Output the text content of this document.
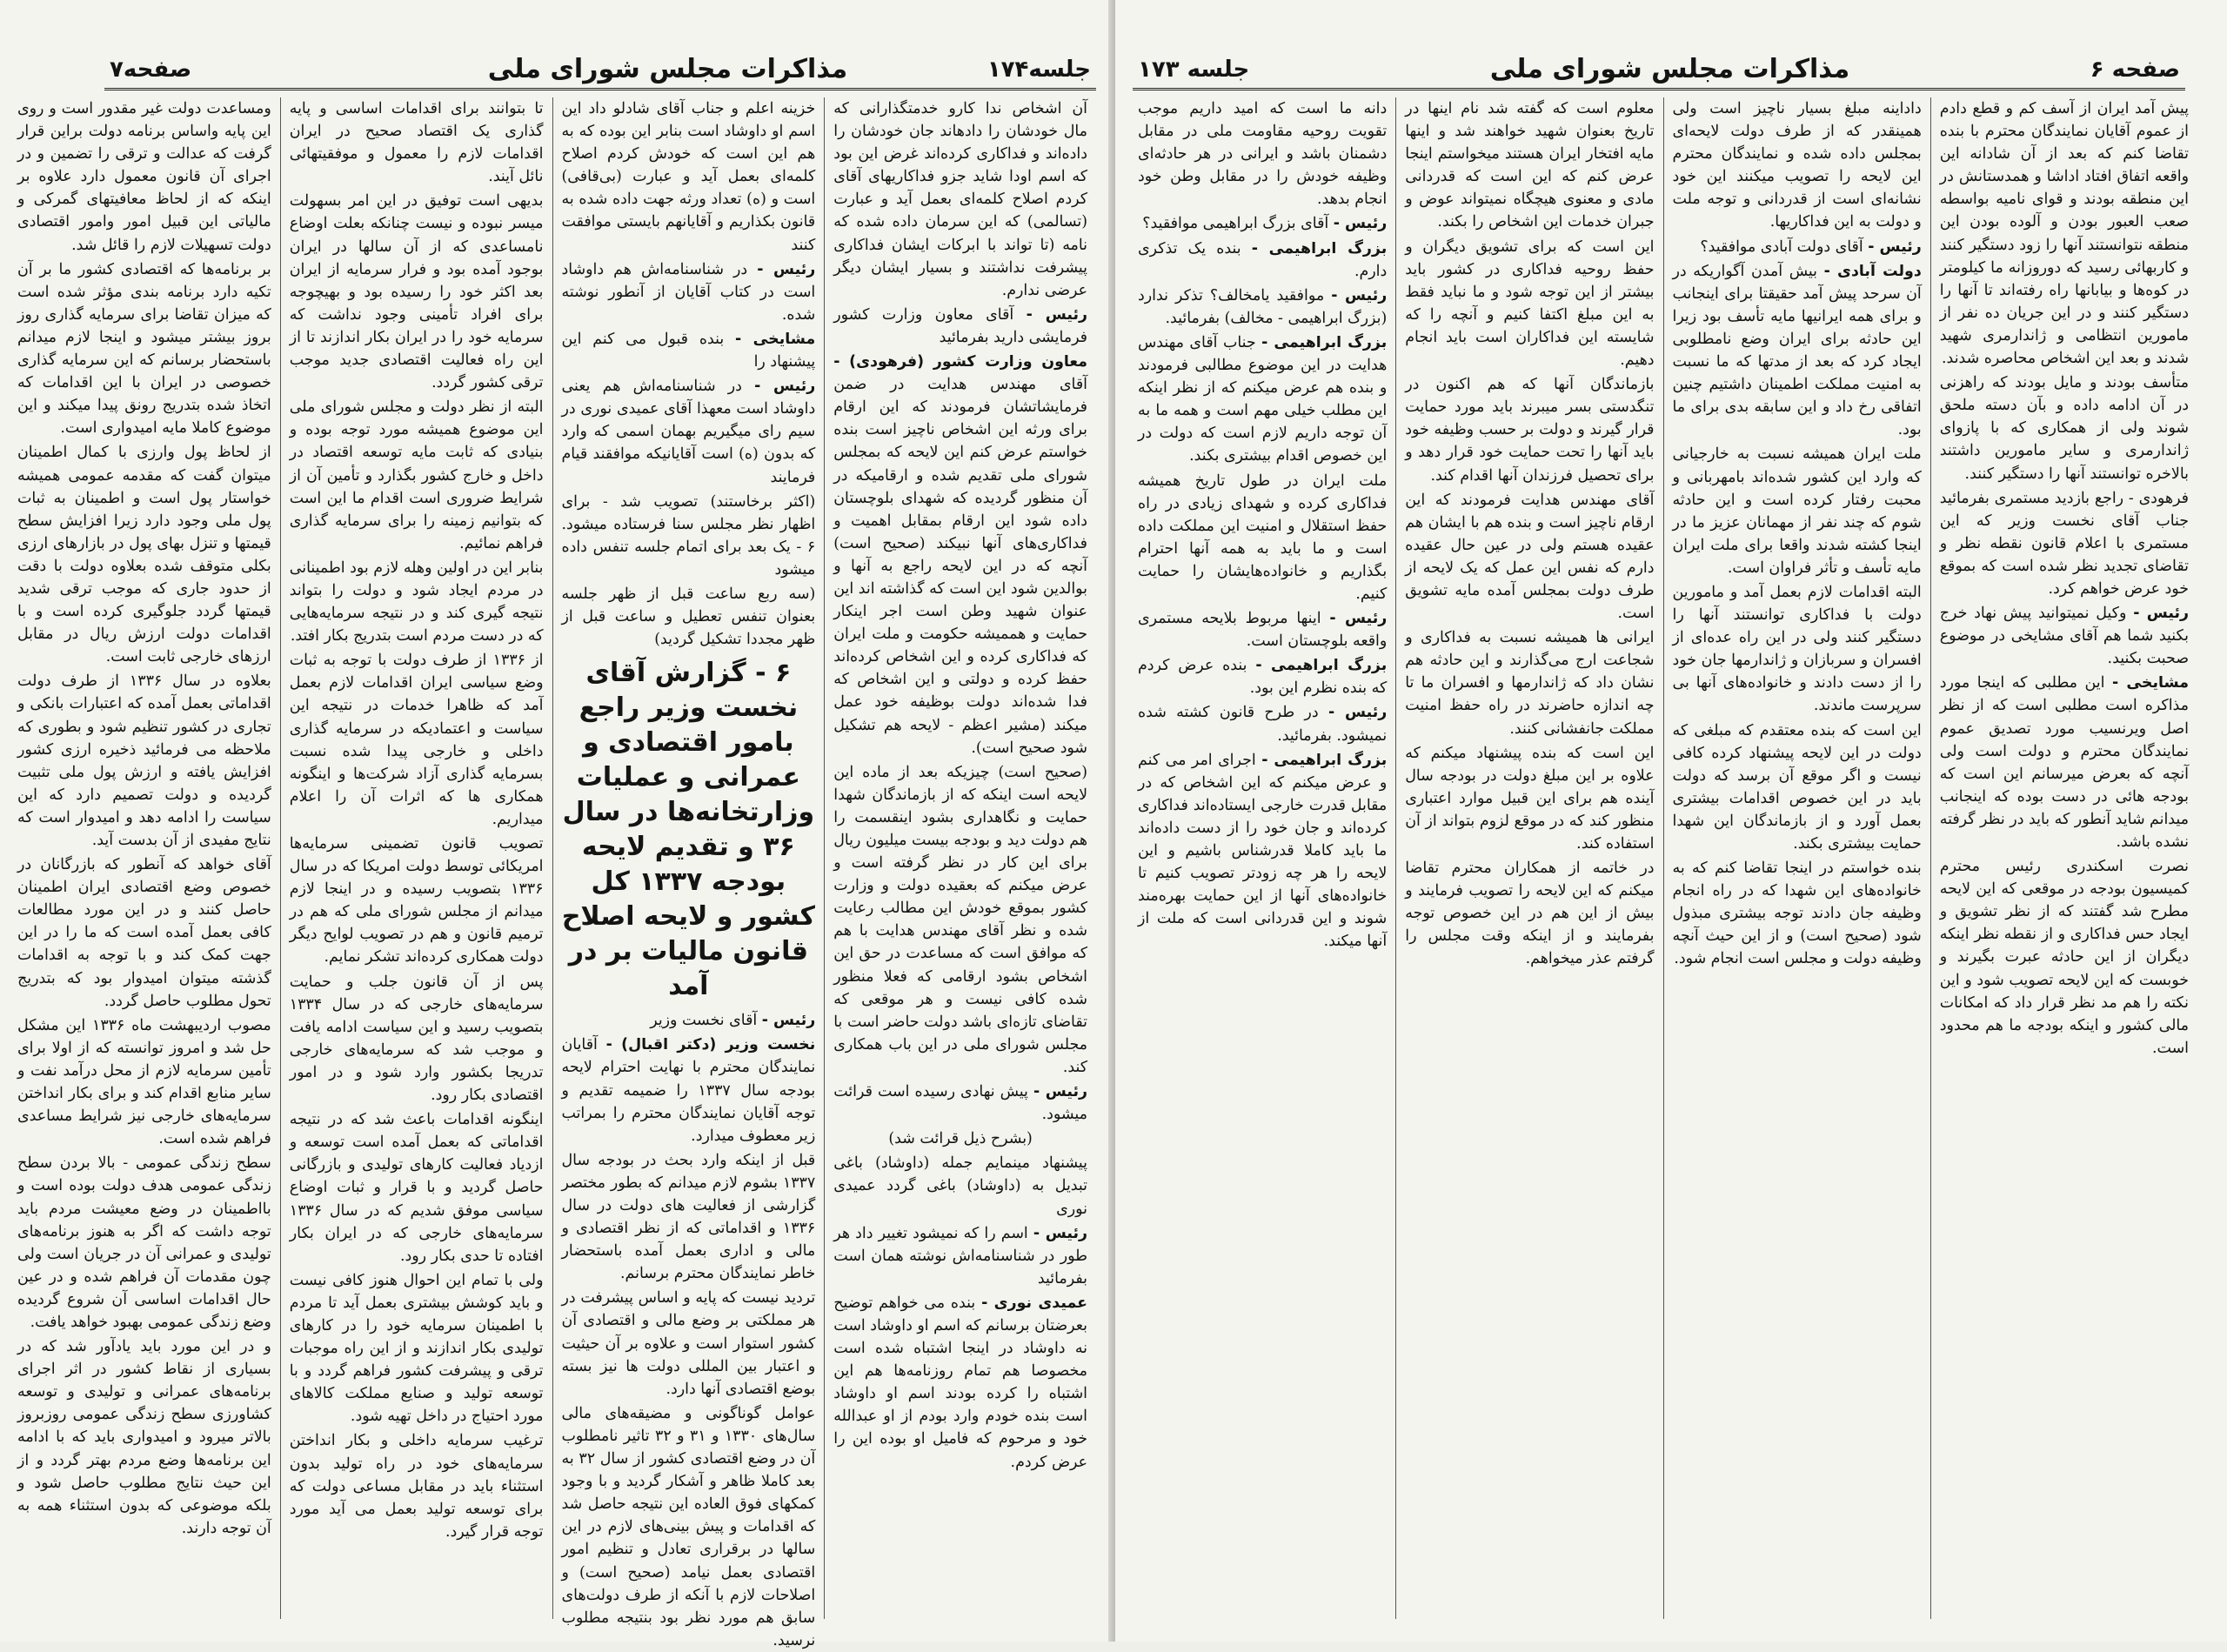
جلسه۱۷۴
مذاکرات مجلس شورای ملی
صفحه۷

آن اشخاص ندا کارو خدمتگذارانی که مال خودشان را دادهاند جان خودشان را داده‌اند و فداکاری کرده‌اند غرض این بود که اسم اودا شاید جزو فداکاریهای آقای کردم اصلاح کلمه‌ای بعمل آید و عبارت (تسالمی) که این سرمان داده شده که نامه (تا تواند با ابرکات ایشان فداکاری پیشرفت نداشتند و بسیار ایشان دیگر عرضی ندارم.

رئیس - آقای معاون وزارت کشور فرمایشی دارید بفرمائید

معاون وزارت کشور (فرهودی) - آقای مهندس هدایت در ضمن فرمایشاتشان فرمودند که این ارقام برای ورثه این اشخاص ناچیز است بنده خواستم عرض کنم این لایحه که بمجلس شورای ملی تقدیم شده و ارقامیکه در آن منظور گردیده که شهدای بلوچستان داده شود این ارقام بمقابل اهمیت و فداکاری‌های آنها نبیکند (صحیح است) آنچه که در این لایحه راجع به آنها و بوالدین شود این است که گذاشته اند این عنوان شهید وطن است اجر اینکار حمایت و هممیشه حکومت و ملت ایران که فداکاری کرده و این اشخاص کرده‌اند حفظ کرده و دولتی و این اشخاص که فدا شده‌اند دولت بوظیفه خود عمل میکند (مشیر اعظم - لایحه هم تشکیل شود صحیح است).

(صحیح است) چیزیکه بعد از ماده این لایحه است اینکه که از بازماندگان شهدا حمایت و نگاهداری بشود اینقسمت را هم دولت دید و بودجه بیست میلیون ریال برای این کار در نظر گرفته است و عرض میکنم که بعقیده دولت و وزارت کشور بموقع خودش این مطالب رعایت شده و نظر آقای مهندس هدایت با هم که موافق است که مساعدت در حق این اشخاص بشود ارقامی که فعلا منظور شده کافی نیست و هر موقعی که تقاضای تازه‌ای باشد دولت حاضر است با مجلس شورای ملی در این باب همکاری کند.

رئیس - پیش نهادی رسیده است قرائت میشود.

(بشرح ذیل قرائت شد)

پیشنهاد مینمایم جمله (داوشاد) باغی تبدیل به (داوشاد) باغی گردد عمیدی نوری

رئیس - اسم را که نمیشود تغییر داد هر طور در شناسنامه‌اش نوشته همان است بفرمائید

عمیدی نوری - بنده می خواهم توضیح بعرضتان برسانم که اسم او داوشاد است نه داوشاد در اینجا اشتباه شده است مخصوصا هم تمام روزنامه‌ها هم این اشتباه را کرده بودند اسم او داوشاد است بنده خودم وارد بودم از او عبدالله خود و مرحوم که فامیل او بوده این را عرض کردم.

خزینه اعلم و جناب آقای شادلو داد این اسم او داوشاد است بنابر این بوده که به هم این است که خودش کردم اصلاح کلمه‌ای بعمل آید و عبارت (بی‌قافی) است و (ه) تعداد ورثه جهت داده شده به قانون بکذاریم و آقایانهم بایستی موافقت کنند

رئیس - در شناسنامه‌اش هم داوشاد است در کتاب آقایان از آنطور نوشته شده.

مشایخی - بنده قبول می کنم این پیشنهاد را

رئیس - در شناسنامه‌اش هم یعنی داوشاد است معهذا آقای عمیدی نوری در سیم رای میگیریم بهمان اسمی که وارد که بدون (ه) است آقایانیکه موافقند قیام فرمایند

(اکثر برخاستند) تصویب شد - برای اظهار نظر مجلس سنا فرستاده میشود. ۶ - یک بعد برای اتمام جلسه تنفس داده میشود

(سه ربع ساعت قبل از ظهر جلسه بعنوان تنفس تعطیل و ساعت قبل از ظهر مجددا تشکیل گردید)

۶ - گزارش آقای نخست وزیر راجع بامور اقتصادی و عمرانی و عملیات وزارتخانه‌ها در سال ۳۶ و تقدیم لایحه بودجه ۱۳۳۷ کل کشور و لایحه اصلاح قانون مالیات بر در آمد

رئیس - آقای نخست وزیر

نخست وزیر (دکتر اقبال) - آقایان نمایندگان محترم با نهایت احترام لایحه بودجه سال ۱۳۳۷ را ضمیمه تقدیم و توجه آقایان نمایندگان محترم را بمراتب زیر معطوف میدارد.

قبل از اینکه وارد بحث در بودجه سال ۱۳۳۷ بشوم لازم میدانم که بطور مختصر گزارشی از فعالیت های دولت در سال ۱۳۳۶ و اقداماتی که از نظر اقتصادی و مالی و اداری بعمل آمده باستحضار خاطر نمایندگان محترم برسانم.

تردید نیست که پایه و اساس پیشرفت در هر مملکتی بر وضع مالی و اقتصادی آن کشور استوار است و علاوه بر آن حیثیت و اعتبار بین المللی دولت ها نیز بسته بوضع اقتصادی آنها دارد.

عوامل گوناگونی و مضیقه‌های مالی سال‌های ۱۳۳۰ و ۳۱ و ۳۲ تاثیر نامطلوب آن در وضع اقتصادی کشور از سال ۳۲ به بعد کاملا ظاهر و آشکار گردید و با وجود کمکهای فوق العاده این نتیجه حاصل شد که اقدامات و پیش بینی‌های لازم در این سالها در برقراری تعادل و تنظیم امور اقتصادی بعمل نیامد (صحیح است) و اصلاحات لازم با آنکه از طرف دولت‌های سابق هم مورد نظر بود بنتیجه مطلوب نرسید.

تا بتوانند برای اقدامات اساسی و پایه گذاری یک اقتصاد صحیح در ایران اقدامات لازم را معمول و موفقیتهائی نائل آیند.

بدیهی است توفیق در این امر بسهولت میسر نبوده و نیست چنانکه بعلت اوضاع نامساعدی که از آن سالها در ایران بوجود آمده بود و فرار سرمایه از ایران بعد اکثر خود را رسیده بود و بهیچوجه برای افراد تأمینی وجود نداشت که سرمایه خود را در ایران بکار اندازند تا از این راه فعالیت اقتصادی جدید موجب ترقی کشور گردد.

البته از نظر دولت و مجلس شورای ملی این موضوع همیشه مورد توجه بوده و بنیادی که ثابت مایه توسعه اقتصاد در داخل و خارج کشور بگذارد و تأمین آن از شرایط ضروری است اقدام ما این است که بتوانیم زمینه را برای سرمایه گذاری فراهم نمائیم.

بنابر این در اولین وهله لازم بود اطمینانی در مردم ایجاد شود و دولت را بتواند نتیجه گیری کند و در نتیجه سرمایه‌هایی که در دست مردم است بتدریج بکار افتد.

از ۱۳۳۶ از طرف دولت با توجه به ثبات وضع سیاسی ایران اقدامات لازم بعمل آمد که ظاهرا خدمات در نتیجه این سیاست و اعتمادیکه در سرمایه گذاری داخلی و خارجی پیدا شده نسبت بسرمایه گذاری آزاد شرکت‌ها و اینگونه همکاری ها که اثرات آن را اعلام میداریم.

تصویب قانون تضمینی سرمایه‌ها امریکائی توسط دولت امریکا که در سال ۱۳۳۶ بتصویب رسیده و در اینجا لازم میدانم از مجلس شورای ملی که هم در ترمیم قانون و هم در تصویب لوایح دیگر دولت همکاری کرده‌اند تشکر نمایم.

پس از آن قانون جلب و حمایت سرمایه‌های خارجی که در سال ۱۳۳۴ بتصویب رسید و این سیاست ادامه یافت و موجب شد که سرمایه‌های خارجی تدریجا بکشور وارد شود و در امور اقتصادی بکار رود.

اینگونه اقدامات باعث شد که در نتیجه اقداماتی که بعمل آمده است توسعه و ازدیاد فعالیت کارهای تولیدی و بازرگانی حاصل گردید و با قرار و ثبات اوضاع سیاسی موفق شدیم که در سال ۱۳۳۶ سرمایه‌های خارجی که در ایران بکار افتاده تا حدی بکار رود.

ولی با تمام این احوال هنوز کافی نیست و باید کوشش بیشتری بعمل آید تا مردم با اطمینان سرمایه خود را در کارهای تولیدی بکار اندازند و از این راه موجبات ترقی و پیشرفت کشور فراهم گردد و با توسعه تولید و صنایع مملکت کالاهای مورد احتیاج در داخل تهیه شود.

ترغیب سرمایه داخلی و بکار انداختن سرمایه‌های خود در راه تولید بدون استثناء باید در مقابل مساعی دولت که برای توسعه تولید بعمل می آید مورد توجه قرار گیرد.

ومساعدت دولت غیر مقدور است و روی این پایه واساس برنامه دولت براین قرار گرفت که عدالت و ترقی را تضمین و در اجرای آن قانون معمول دارد علاوه بر اینکه که از لحاظ معافیتهای گمرکی و مالیاتی این قبیل امور وامور اقتصادی دولت تسهیلات لازم را قائل شد.

بر برنامه‌ها که اقتصادی کشور ما بر آن تکیه دارد برنامه بندی مؤثر شده است که میزان تقاضا برای سرمایه گذاری روز بروز بیشتر میشود و اینجا لازم میدانم باستحضار برسانم که این سرمایه گذاری خصوصی در ایران با این اقدامات که اتخاذ شده بتدریج رونق پیدا میکند و این موضوع کاملا مایه امیدواری است.

از لحاظ پول وارزی با کمال اطمینان میتوان گفت که مقدمه عمومی همیشه خواستار پول است و اطمینان به ثبات پول ملی وجود دارد زیرا افزایش سطح قیمتها و تنزل بهای پول در بازارهای ارزی بکلی متوقف شده بعلاوه دولت با دقت از حدود جاری که موجب ترقی شدید قیمتها گردد جلوگیری کرده است و با اقدامات دولت ارزش ریال در مقابل ارزهای خارجی ثابت است.

بعلاوه در سال ۱۳۳۶ از طرف دولت اقداماتی بعمل آمده که اعتبارات بانکی و تجاری در کشور تنظیم شود و بطوری که ملاحظه می فرمائید ذخیره ارزی کشور افزایش یافته و ارزش پول ملی تثبیت گردیده و دولت تصمیم دارد که این سیاست را ادامه دهد و امیدوار است که نتایج مفیدی از آن بدست آید.

آقای خواهد که آنطور که بازرگانان در خصوص وضع اقتصادی ایران اطمینان حاصل کنند و در این مورد مطالعات کافی بعمل آمده است که ما را در این جهت کمک کند و با توجه به اقدامات گذشته میتوان امیدوار بود که بتدریج تحول مطلوب حاصل گردد.

مصوب اردیبهشت ماه ۱۳۳۶ این مشکل حل شد و امروز توانسته که از اولا برای تأمین سرمایه لازم از محل درآمد نفت و سایر منابع اقدام کند و برای بکار انداختن سرمایه‌های خارجی نیز شرایط مساعدی فراهم شده است.

سطح زندگی عمومی - بالا بردن سطح زندگی عمومی هدف دولت بوده است و بااطمینان در وضع معیشت مردم باید توجه داشت که اگر به هنوز برنامه‌های تولیدی و عمرانی آن در جریان است ولی چون مقدمات آن فراهم شده و در عین حال اقدامات اساسی آن شروع گردیده وضع زندگی عمومی بهبود خواهد یافت.

و در این مورد باید یادآور شد که در بسیاری از نقاط کشور در اثر اجرای برنامه‌های عمرانی و تولیدی و توسعه کشاورزی سطح زندگی عمومی روزبروز بالاتر میرود و امیدواری باید که با ادامه این برنامه‌ها وضع مردم بهتر گردد و از این حیث نتایج مطلوب حاصل شود و بلکه موضوعی که بدون استثناء همه به آن توجه دارند.

صفحه ۶
مذاکرات مجلس شورای ملی
جلسه ۱۷۳

پیش آمد ایران از آسف کم و قطع دادم از عموم آقایان نمایندگان محترم با بنده تقاضا کنم که بعد از آن شادانه این واقعه اتفاق افتاد اداشا و همدستانش در این منطقه بودند و قوای نامیه بواسطه صعب العبور بودن و آلوده بودن این منطقه نتوانستند آنها را زود دستگیر کنند و کاربهائی رسید که دوروزانه ما کیلومتر در کوه‌ها و بیابانها راه رفته‌اند تا آنها را دستگیر کنند و در این جریان ده نفر از مامورین انتظامی و ژاندارمری شهید شدند و بعد این اشخاص محاصره شدند.

متأسف بودند و مایل بودند که راهزنی در آن ادامه داده و بآن دسته ملحق شوند ولی از همکاری که با پازوای ژاندارمری و سایر مامورین داشتند بالاخره توانستند آنها را دستگیر کنند.

فرهودی - راجع بازدید مستمری بفرمائید جناب آقای نخست وزیر که این مستمری با اعلام قانون نقطه نظر و تقاضای تجدید نظر شده است که بموقع خود عرض خواهم کرد.

رئیس - وکیل نمیتوانید پیش نهاد خرج بکنید شما هم آقای مشایخی در موضوع صحبت بکنید.

مشایخی - این مطلبی که اینجا مورد مذاکره است مطلبی است که از نظر اصل ویرنسیب مورد تصدیق عموم نمایندگان محترم و دولت است ولی آنچه که بعرض میرسانم این است که بودجه هائی در دست بوده که اینجانب میدانم شاید آنطور که باید در نظر گرفته نشده باشد.

نصرت اسکندری رئیس محترم کمیسیون بودجه در موقعی که این لایحه مطرح شد گفتند که از نظر تشویق و ایجاد حس فداکاری و از نقطه نظر اینکه دیگران از این حادثه عبرت بگیرند و خوبست که این لایحه تصویب شود و این نکته را هم مد نظر قرار داد که امکانات مالی کشور و اینکه بودجه ما هم محدود است.

داداینه مبلغ بسیار ناچیز است ولی همینقدر که از طرف دولت لایحه‌ای بمجلس داده شده و نمایندگان محترم این لایحه را تصویب میکنند این خود نشانه‌ای است از قدردانی و توجه ملت و دولت به این فداکاریها.

رئیس - آقای دولت آبادی موافقید؟

دولت آبادی - بیش آمدن آگواریکه در آن سرحد پیش آمد حقیقتا برای اینجانب و برای همه ایرانیها مایه تأسف بود زیرا این حادثه برای ایران وضع نامطلوبی ایجاد کرد که بعد از مدتها که ما نسبت به امنیت مملکت اطمینان داشتیم چنین اتفاقی رخ داد و این سابقه بدی برای ما بود.

ملت ایران همیشه نسبت به خارجیانی که وارد این کشور شده‌اند بامهربانی و محبت رفتار کرده است و این حادثه شوم که چند نفر از مهمانان عزیز ما در اینجا کشته شدند واقعا برای ملت ایران مایه تأسف و تأثر فراوان است.

البته اقدامات لازم بعمل آمد و مامورین دولت با فداکاری توانستند آنها را دستگیر کنند ولی در این راه عده‌ای از افسران و سربازان و ژاندارمها جان خود را از دست دادند و خانواده‌های آنها بی سرپرست ماندند.

این است که بنده معتقدم که مبلغی که دولت در این لایحه پیشنهاد کرده کافی نیست و اگر موقع آن برسد که دولت باید در این خصوص اقدامات بیشتری بعمل آورد و از بازماندگان این شهدا حمایت بیشتری بکند.

بنده خواستم در اینجا تقاضا کنم که به خانواده‌های این شهدا که در راه انجام وظیفه جان دادند توجه بیشتری مبذول شود (صحیح است) و از این حیث آنچه وظیفه دولت و مجلس است انجام شود.

معلوم است که گفته شد نام اینها در تاریخ بعنوان شهید خواهند شد و اینها مایه افتخار ایران هستند میخواستم اینجا عرض کنم که این است که قدردانی مادی و معنوی هیچگاه نمیتواند عوض و جبران خدمات این اشخاص را بکند.

این است که برای تشویق دیگران و حفظ روحیه فداکاری در کشور باید بیشتر از این توجه شود و ما نباید فقط به این مبلغ اکتفا کنیم و آنچه را که شایسته این فداکاران است باید انجام دهیم.

بازماندگان آنها که هم اکنون در تنگدستی بسر میبرند باید مورد حمایت قرار گیرند و دولت بر حسب وظیفه خود باید آنها را تحت حمایت خود قرار دهد و برای تحصیل فرزندان آنها اقدام کند.

آقای مهندس هدایت فرمودند که این ارقام ناچیز است و بنده هم با ایشان هم عقیده هستم ولی در عین حال عقیده دارم که نفس این عمل که یک لایحه از طرف دولت بمجلس آمده مایه تشویق است.

ایرانی ها همیشه نسبت به فداکاری و شجاعت ارج می‌گذارند و این حادثه هم نشان داد که ژاندارمها و افسران ما تا چه اندازه حاضرند در راه حفظ امنیت مملکت جانفشانی کنند.

این است که بنده پیشنهاد میکنم که علاوه بر این مبلغ دولت در بودجه سال آینده هم برای این قبیل موارد اعتباری منظور کند که در موقع لزوم بتواند از آن استفاده کند.

در خاتمه از همکاران محترم تقاضا میکنم که این لایحه را تصویب فرمایند و بیش از این هم در این خصوص توجه بفرمایند و از اینکه وقت مجلس را گرفتم عذر میخواهم.

دانه ما است که امید داریم موجب تقویت روحیه مقاومت ملی در مقابل دشمنان باشد و ایرانی در هر حادثه‌ای وظیفه خودش را در مقابل وطن خود انجام بدهد.

رئیس - آقای بزرگ ابراهیمی موافقید؟

بزرگ ابراهیمی - بنده یک تذکری دارم.

رئیس - موافقید یامخالف؟ تذکر ندارد (بزرگ ابراهیمی - مخالف) بفرمائید.

بزرگ ابراهیمی - جناب آقای مهندس هدایت در این موضوع مطالبی فرمودند و بنده هم عرض میکنم که از نظر اینکه این مطلب خیلی مهم است و همه ما به آن توجه داریم لازم است که دولت در این خصوص اقدام بیشتری بکند.

ملت ایران در طول تاریخ همیشه فداکاری کرده و شهدای زیادی در راه حفظ استقلال و امنیت این مملکت داده است و ما باید به همه آنها احترام بگذاریم و خانواده‌هایشان را حمایت کنیم.

رئیس - اینها مربوط بلایحه مستمری واقعه بلوچستان است.

بزرگ ابراهیمی - بنده عرض کردم که بنده نظرم این بود.

رئیس - در طرح قانون کشته شده نمیشود. بفرمائید.

بزرگ ابراهیمی - اجرای امر می کنم و عرض میکنم که این اشخاص که در مقابل قدرت خارجی ایستاده‌اند فداکاری کرده‌اند و جان خود را از دست داده‌اند ما باید کاملا قدرشناس باشیم و این لایحه را هر چه زودتر تصویب کنیم تا خانواده‌های آنها از این حمایت بهره‌مند شوند و این قدردانی است که ملت از آنها میکند.
